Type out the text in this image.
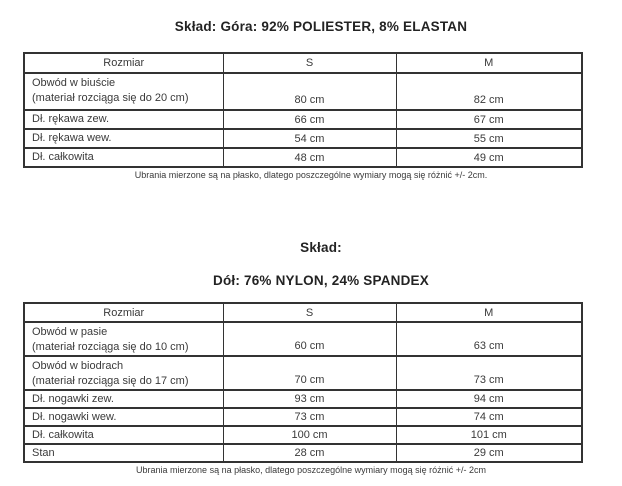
Skład: Góra: 92% POLIESTER, 8% ELASTAN
Rozmiar	S	M

Obwód w biuście
(materiał rozciąga się do 20 cm)	80 cm	82 cm

Dł. rękawa zew.	66 cm	67 cm

Dł. rękawa wew.	54 cm	55 cm

Dł. całkowita	48 cm	49 cm
Ubrania mierzone są na płasko, dlatego poszczególne wymiary mogą się różnić +/- 2cm.
Skład:
Dół: 76% NYLON, 24% SPANDEX
Rozmiar	S	M

Obwód w pasie
(materiał rozciąga się do 10 cm)	60 cm	63 cm

Obwód w biodrach
(materiał rozciąga się do 17 cm)	70 cm	73 cm

Dł. nogawki zew.	93 cm	94 cm

Dł. nogawki wew.	73 cm	74 cm

Dł. całkowita	100 cm	101 cm

Stan	28 cm	29 cm
Ubrania mierzone są na płasko, dlatego poszczególne wymiary mogą się różnić +/- 2cm
